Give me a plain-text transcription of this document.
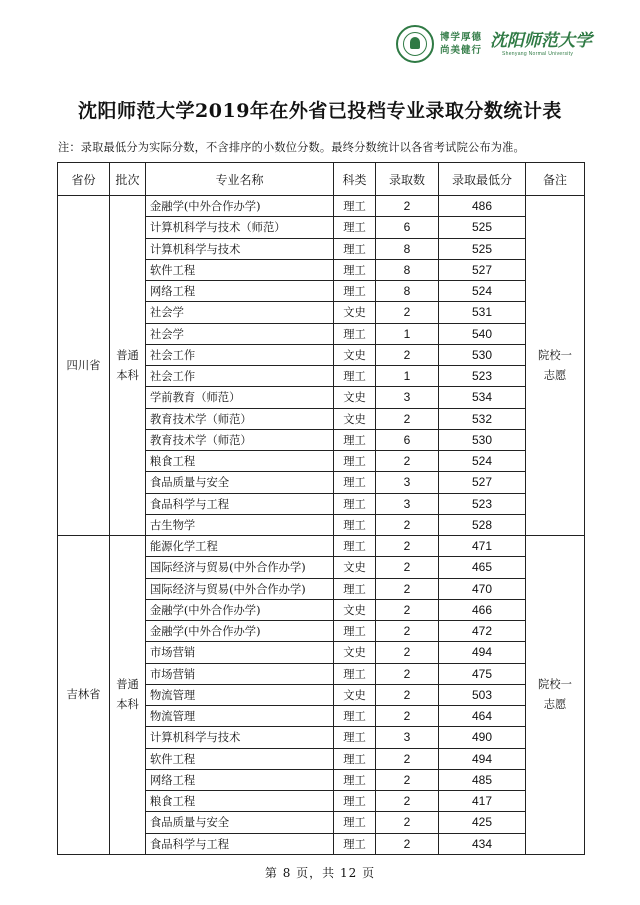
博学厚德
尚美健行 沈阳师范大学
Shenyang Normal University
沈阳师范大学2019年在外省已投档专业录取分数统计表
注：录取最低分为实际分数，不含排序的小数位分数。最终分数统计以各省考试院公布为准。
省份	批次	专业名称	科类	录取数	录取最低分	备注
四川省	普通本科	金融学(中外合作办学)	理工	2	486	院校一志愿
		计算机科学与技术（师范）	理工	6	525	
		计算机科学与技术	理工	8	525	
		软件工程	理工	8	527	
		网络工程	理工	8	524	
		社会学	文史	2	531	
		社会学	理工	1	540	
		社会工作	文史	2	530	
		社会工作	理工	1	523	
		学前教育（师范）	文史	3	534	
		教育技术学（师范）	文史	2	532	
		教育技术学（师范）	理工	6	530	
		粮食工程	理工	2	524	
		食品质量与安全	理工	3	527	
		食品科学与工程	理工	3	523	
		古生物学	理工	2	528	
吉林省	普通本科	能源化学工程	理工	2	471	院校一志愿
		国际经济与贸易(中外合作办学)	文史	2	465	
		国际经济与贸易(中外合作办学)	理工	2	470	
		金融学(中外合作办学)	文史	2	466	
		金融学(中外合作办学)	理工	2	472	
		市场营销	文史	2	494	
		市场营销	理工	2	475	
		物流管理	文史	2	503	
		物流管理	理工	2	464	
		计算机科学与技术	理工	3	490	
		软件工程	理工	2	494	
		网络工程	理工	2	485	
		粮食工程	理工	2	417	
		食品质量与安全	理工	2	425	
		食品科学与工程	理工	2	434	
第 8 页，共 12 页
